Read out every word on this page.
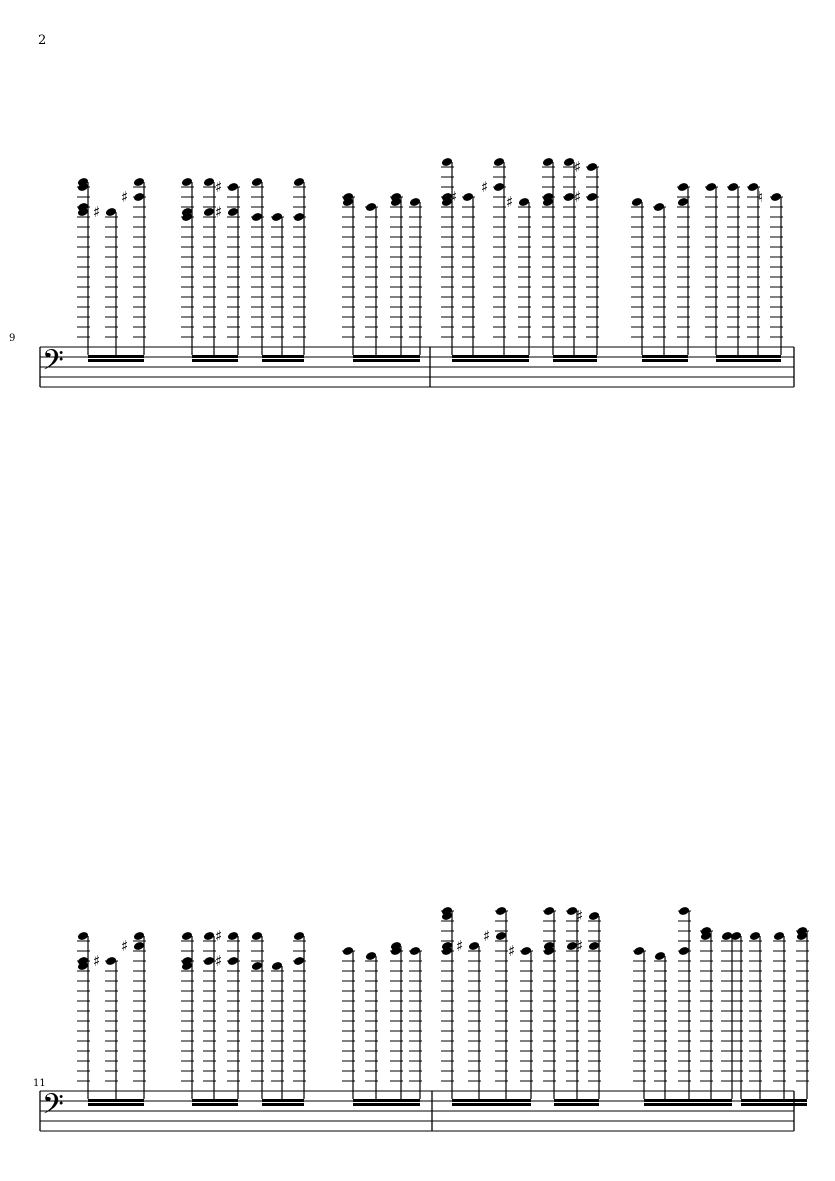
2
9
𝄢
♯
♯
♯
♯
♯
♯
♯	♯
♯
♮
11
𝄢
♯
♯
♯
♯
♯
♯
♯	♯
♯
